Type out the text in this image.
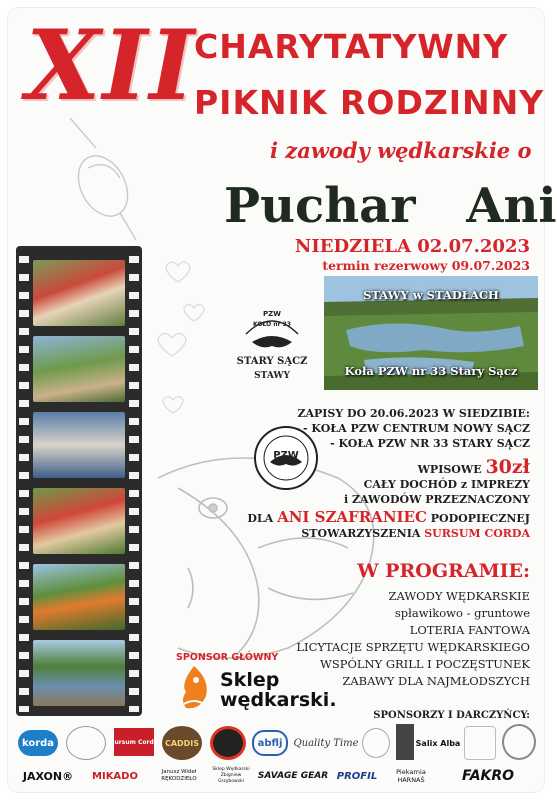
XII
CHARYTATYWNY
PIKNIK RODZINNY
i zawody wędkarskie o
Puchar Ani
NIEDZIELA 02.07.2023
termin rezerwowy 09.07.2023
PZW
KOŁO nr 33
STARY SĄCZ
STAWY
STAWY w STADŁACH
Koła PZW nr 33 Stary Sącz
PZW
ZAPISY DO 20.06.2023 W SIEDZIBIE:
- KOŁA PZW CENTRUM NOWY SĄCZ
- KOŁA PZW NR 33 STARY SĄCZ
WPISOWE 30zł
CAŁY DOCHÓD z IMPREZY
i ZAWODÓW PRZEZNACZONY
DLA ANI SZAFRANIEC PODOPIECZNEJ
STOWARZYSZENIA SURSUM CORDA
W PROGRAMIE:
ZAWODY WĘDKARSKIE
spławikowo - gruntowe
LOTERIA FANTOWA
LICYTACJE SPRZĘTU WĘDKARSKIEGO
WSPÓLNY GRILL I POCZĘSTUNEK
ZABAWY DLA NAJMŁODSZYCH
SPONSOR GŁÓWNY
Sklep
wędkarski.
SPONSORZY I DARCZYŃCY:
korda	Sursum Corda CADDIS	abflj	Quality Time	Salix Alba
JAXON®	MIKADO	Janusz Wideł RĘKODZIEŁO
Sklep Wędkarski Zbigniew Grzybowski
SAVAGE GEAR PROFIL	Piekarnia HARNAŚ	FAKRO
